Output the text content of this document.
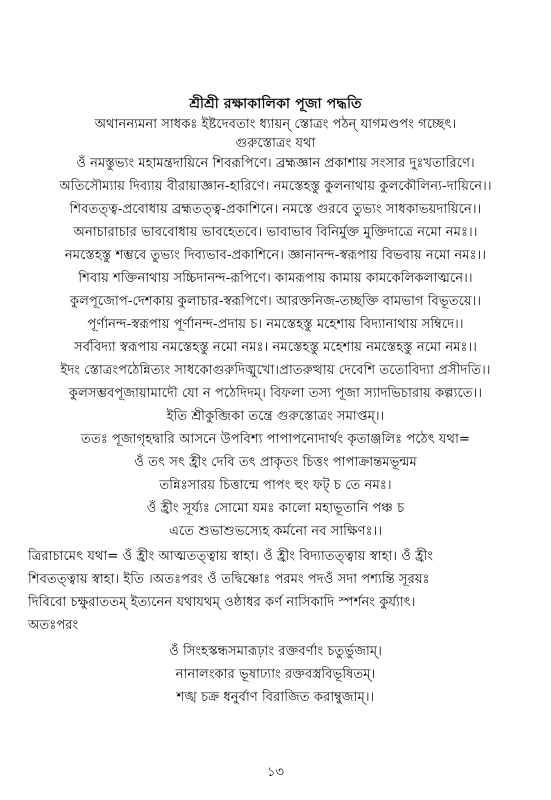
শ্রীশ্রী রক্ষাকালিকা পূজা পদ্ধতি
অথানন্যমনা সাধকঃ ইষ্টদেবতাং ধ্যায়ন্ স্তোত্রং পঠন্ যাগমণ্ডপং গচ্ছেৎ।
গুরুস্তোত্রং যথা
ওঁ নমস্তুভ্যং মহামন্ত্রদায়িনে শিবরূপিণে। ব্রহ্মজ্ঞান প্রকাশায় সংসার দুঃখতারিণে।
অতিসৌম্যায় দিব্যায় বীরায়াজ্ঞান-হারিণে। নমস্তেহস্তু কুলনাথায় কুলকৌলিন্য-দায়িনে।।
শিবতত্ত্ব-প্রবোধায় ব্রহ্মতত্ত্ব-প্রকাশিনে। নমস্তে গুরবে তুভ্যং সাধকাভয়দায়িনে।।
অনাচারাচার ভাববোধায় ভাবহেতবে। ভাবাভাব বিনির্মুক্ত মুক্তিদাত্রে নমো নমঃ।।
নমস্তেহস্তু শম্ভবে তুভ্যং দিব্যভাব-প্রকাশিনে। জ্ঞানানন্দ-স্বরূপায় বিভবায় নমো নমঃ।।
শিবায় শক্তিনাথায় সচ্চিদানন্দ-রূপিণে। কামরূপায় কামায় কামকেলিকলাত্মনে।।
কুলপূজোপ-দেশকায় কুলাচার-স্বরূপিণে। আরক্তনিজ-তচ্ছক্তি বামভাগ বিভূতয়ে।।
পূর্ণানন্দ-স্বরূপায় পূর্ণানন্দ-প্রদায় চ। নমস্তেহস্তু মহেশায় বিদ্যানাথায় সম্বিদে।।
সর্ববিদ্যা স্বরূপায় নমস্তেহস্তু নমো নমঃ। নমস্তেহস্তু মহেশায় নমস্তেহস্তু নমো নমঃ।।
ইদং স্তোত্রংপঠেন্নিত্যং সাধকোগুরুদিঙ্মুখো।প্রাতরুত্থায় দেবেশি ততোবিদ্যা প্রসীদতি।।
কুলসম্ভবপূজায়ামাদৌ যো ন পঠেদিদম্। বিফলা তস্য পূজা স্যাদভিচারায় কল্প্যতে।।
ইতি শ্রীকুব্জিকা তন্ত্রে গুরুস্তোত্রং সমাপ্তম্।।
ততঃ পূজাগৃহদ্বারি আসনে উপবিশ্য পাপাপনোদার্থং কৃতাঞ্জলিঃ পঠেৎ যথা=
ওঁ তৎ সৎ হ্রীং দেবি তৎ প্রাকৃতং চিত্তং পাপাক্রান্তমভূন্মম
তন্নিঃসারয় চিত্তান্মে পাপং হুং ফট্ চ তে নমঃ।
ওঁ হ্রীং সূর্য্যঃ সোমো যমঃ কালো মহাভূতানি পঞ্চ চ
এতে শুভাশুভস্যেহ কর্মনো নব সাক্ষিণঃ।।
ত্রিরাচামেৎ যথা= ওঁ হ্রীং আত্মতত্ত্বায় স্বাহা। ওঁ হ্রীং বিদ্যাতত্ত্বায় স্বাহা। ওঁ হ্রীং
শিবতত্ত্বায় স্বাহা। ইতি ।অতঃপরং ওঁ তদ্বিষ্ণোঃ পরমং পদওঁ সদা পশ্যন্তি সূরয়ঃ
দিবিবো চক্ষুরাততম্ ইত্যনেন যথাযথম্ ওষ্ঠাধর কর্ণ নাসিকাদি স্পর্শনং কুর্য্যাৎ।
অতঃপরং
ওঁ সিংহস্কন্ধসমারূঢ়াং রক্তবর্ণাং চতুর্ভুজাম্।
নানালংকার ভূষাঢ্যাং রক্তবস্ত্রবিভূষিতম্।
শঙ্খ চক্র ধনুর্বাণ বিরাজিত করাম্বুজাম্।।
১৩
